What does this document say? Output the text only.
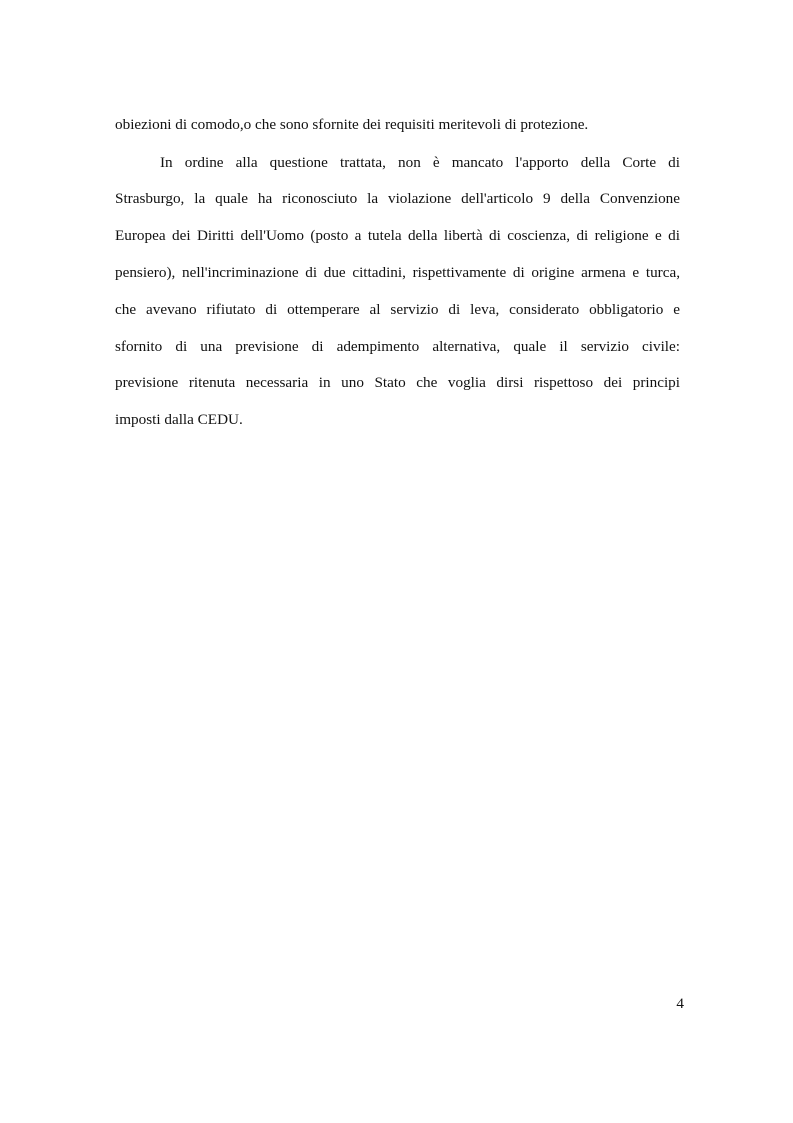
obiezioni di comodo,o che sono sfornite dei requisiti meritevoli di protezione.
In ordine alla questione trattata, non è mancato l'apporto della Corte di
Strasburgo, la quale ha riconosciuto la violazione dell'articolo 9 della Convenzione
Europea dei Diritti dell'Uomo (posto a tutela della libertà di coscienza, di religione e di
pensiero), nell'incriminazione di due cittadini, rispettivamente di origine armena e turca,
che avevano rifiutato di ottemperare al servizio di leva, considerato obbligatorio e
sfornito di una previsione di adempimento alternativa, quale il servizio civile:
previsione ritenuta necessaria in uno Stato che voglia dirsi rispettoso dei principi
imposti dalla CEDU.
4
